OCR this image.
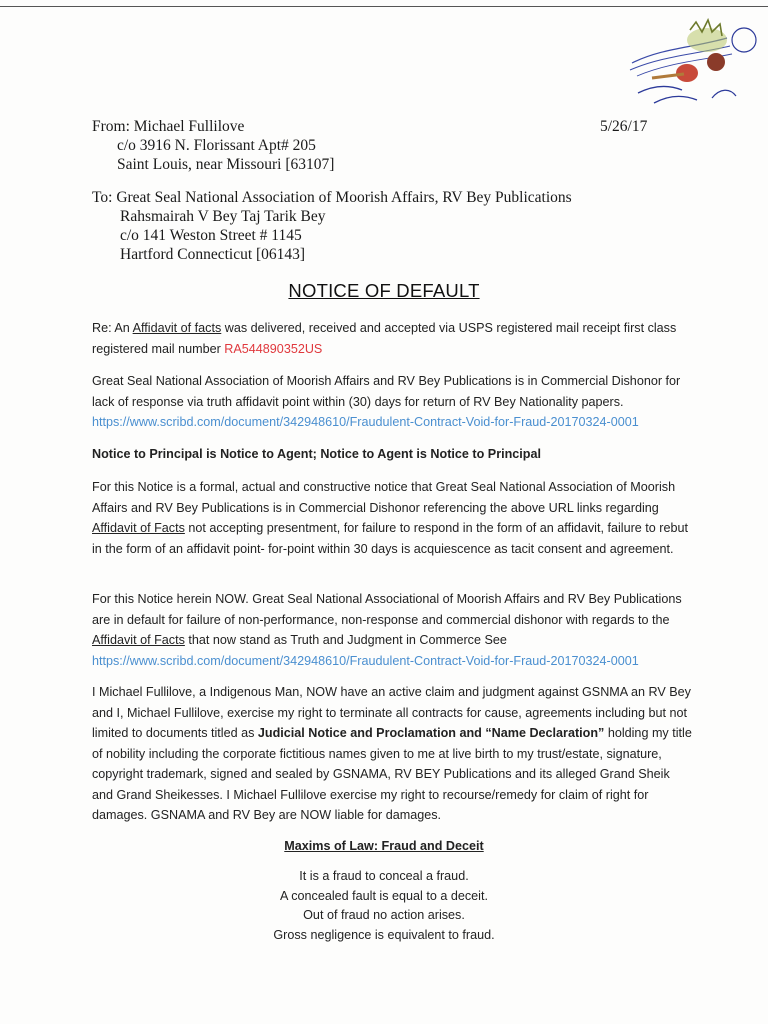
From: Michael Fullilove
c/o 3916 N. Florissant Apt# 205
Saint Louis, near Missouri [63107]
5/26/17
To: Great Seal National Association of Moorish Affairs, RV Bey Publications
Rahsmairah V Bey Taj Tarik Bey
c/o 141 Weston Street # 1145
Hartford Connecticut [06143]
NOTICE OF DEFAULT
Re: An Affidavit of facts was delivered, received and accepted via USPS registered mail receipt first class registered mail number RA544890352US
Great Seal National Association of Moorish Affairs and RV Bey Publications is in Commercial Dishonor for lack of response via truth affidavit point within (30) days for return of RV Bey Nationality papers.
https://www.scribd.com/document/342948610/Fraudulent-Contract-Void-for-Fraud-20170324-0001
Notice to Principal is Notice to Agent; Notice to Agent is Notice to Principal
For this Notice is a formal, actual and constructive notice that Great Seal National Association of Moorish Affairs and RV Bey Publications is in Commercial Dishonor referencing the above URL links regarding Affidavit of Facts not accepting presentment, for failure to respond in the form of an affidavit, failure to rebut in the form of an affidavit point- for-point within 30 days is acquiescence as tacit consent and agreement.
For this Notice herein NOW. Great Seal National Associational of Moorish Affairs and RV Bey Publications are in default for failure of non-performance, non-response and commercial dishonor with regards to the Affidavit of Facts that now stand as Truth and Judgment in Commerce See
https://www.scribd.com/document/342948610/Fraudulent-Contract-Void-for-Fraud-20170324-0001
I Michael Fullilove, a Indigenous Man, NOW have an active claim and judgment against GSNMA an RV Bey and I, Michael Fullilove, exercise my right to terminate all contracts for cause, agreements including but not limited to documents titled as Judicial Notice and Proclamation and “Name Declaration” holding my title of nobility including the corporate fictitious names given to me at live birth to my trust/estate, signature, copyright trademark, signed and sealed by GSNAMA, RV BEY Publications and its alleged Grand Sheik and Grand Sheikesses. I Michael Fullilove exercise my right to recourse/remedy for claim of right for damages. GSNAMA and RV Bey are NOW liable for damages.
Maxims of Law: Fraud and Deceit
It is a fraud to conceal a fraud.
A concealed fault is equal to a deceit.
Out of fraud no action arises.
Gross negligence is equivalent to fraud.
